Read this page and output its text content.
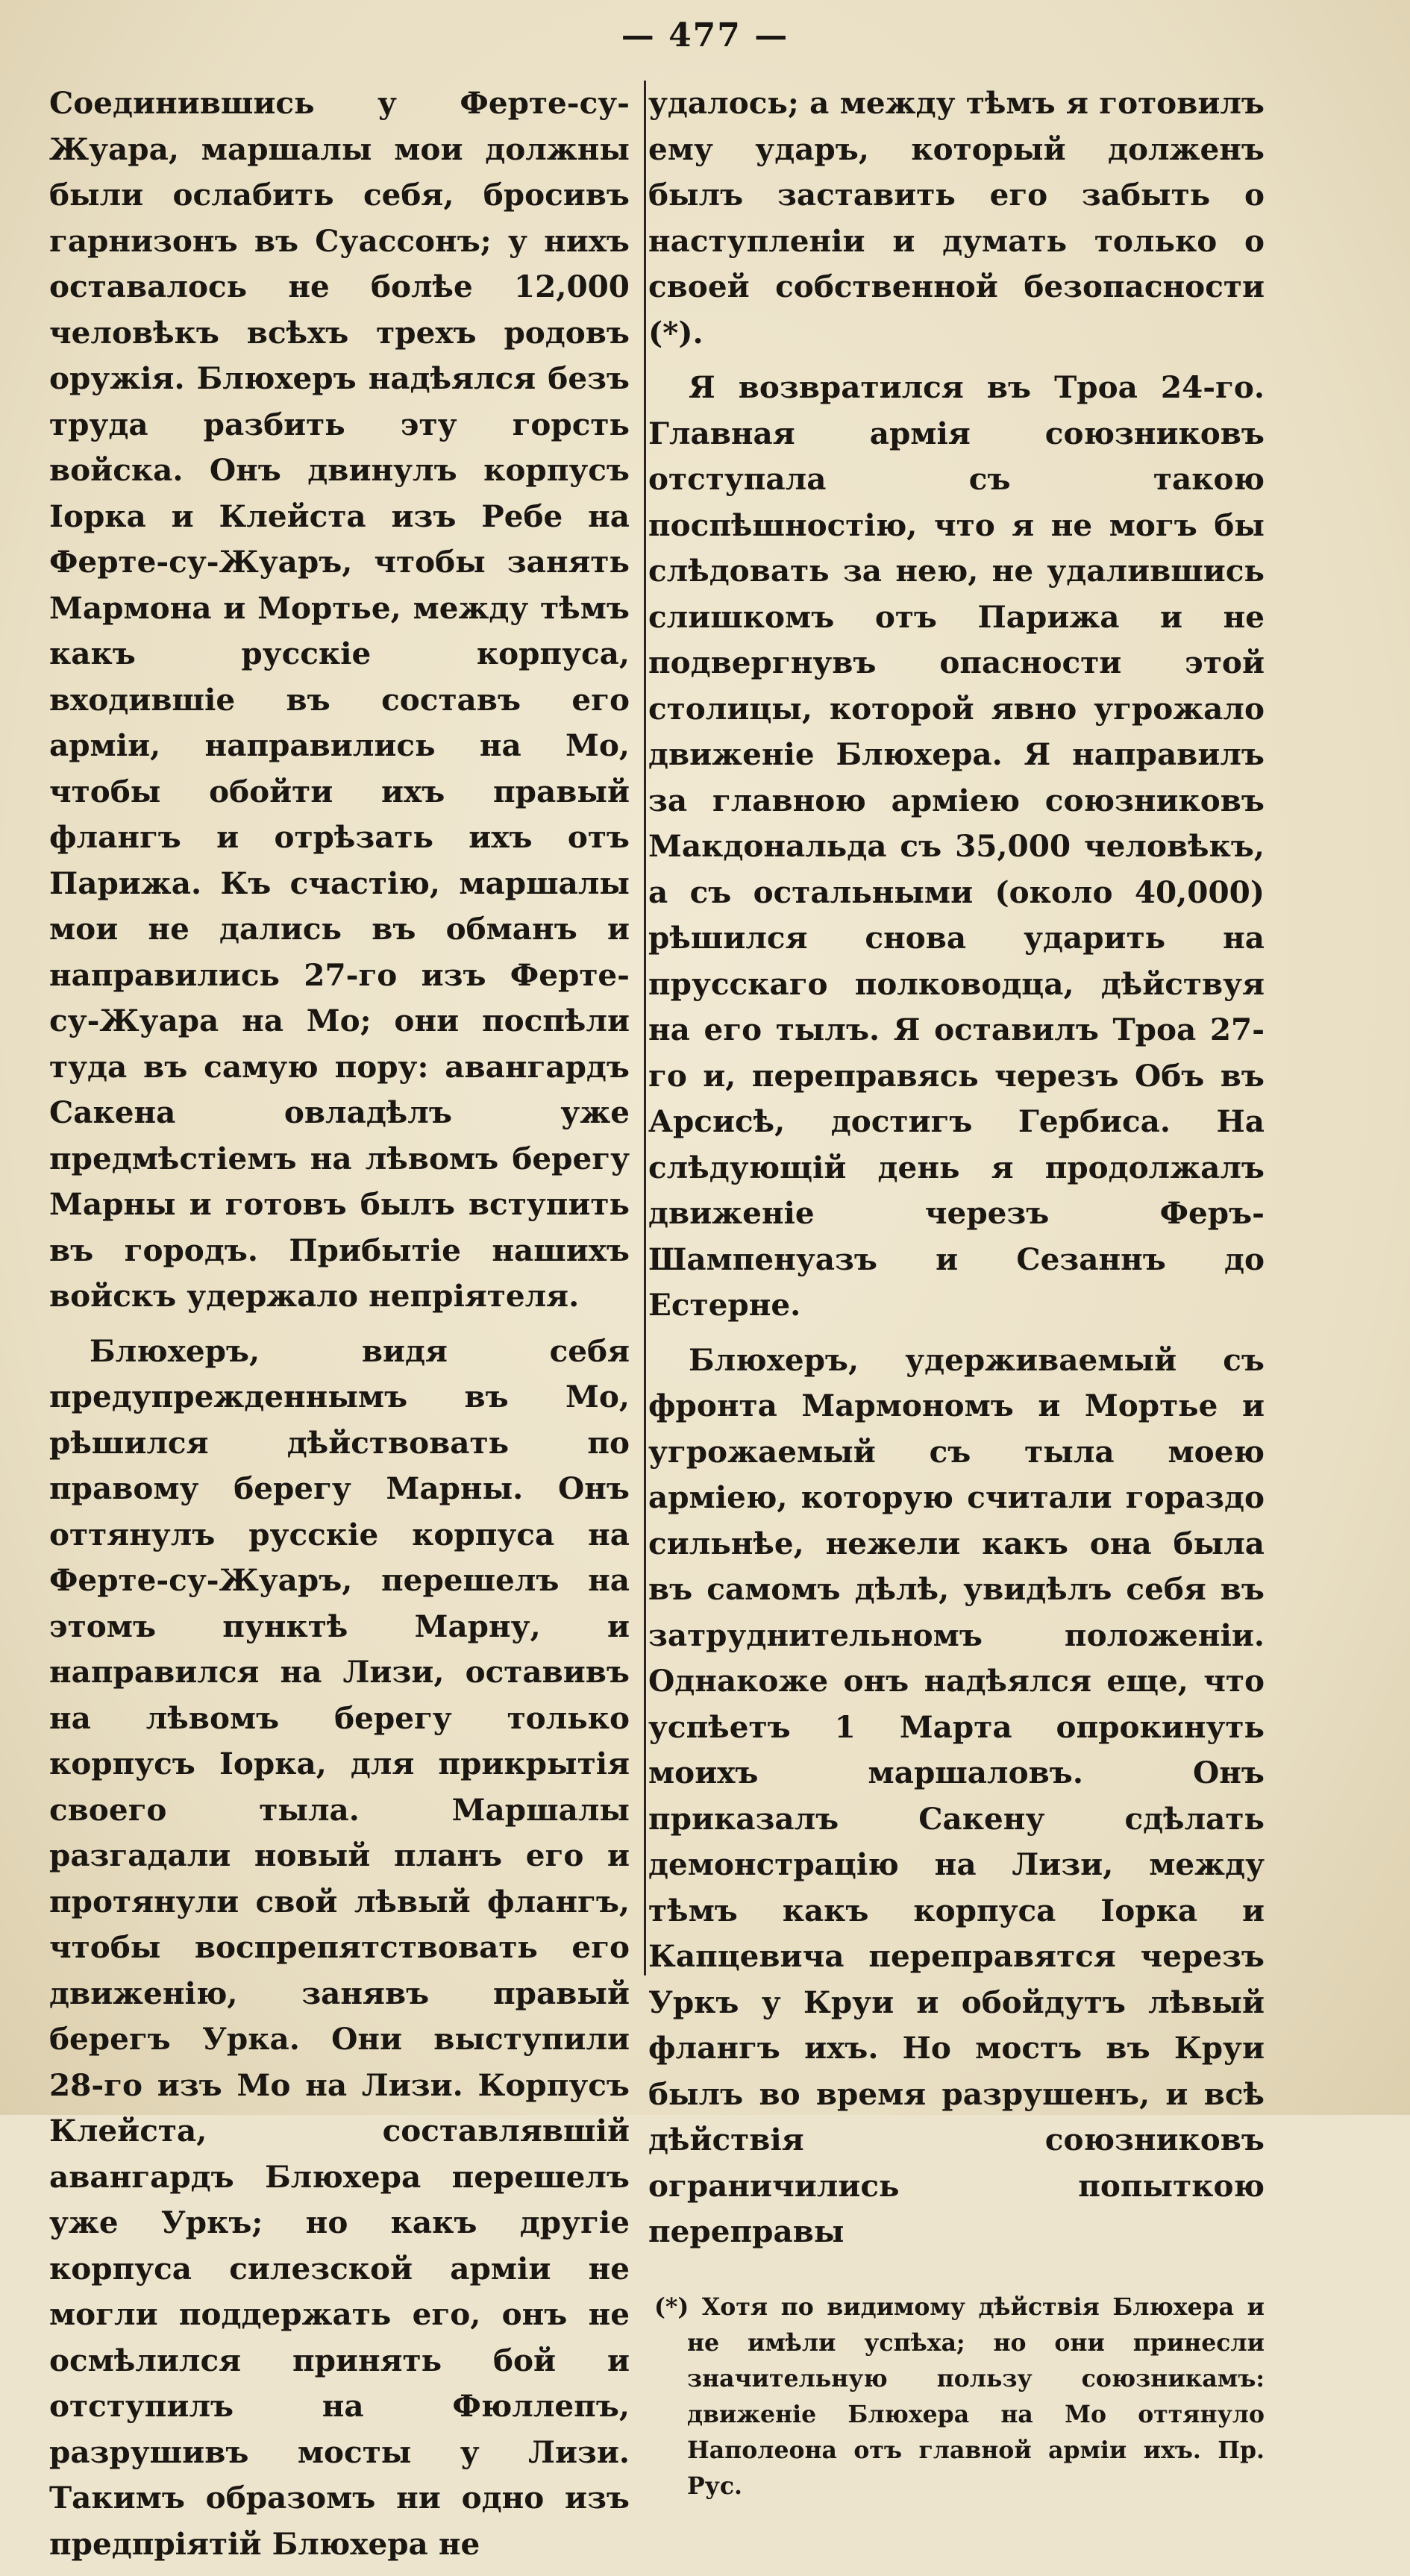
— 477 —

Соединившись у Ферте-су-Жуара, маршалы мои должны были ослабить себя, бросивъ гарнизонъ въ Суассонъ; у нихъ оставалось не болѣе 12,000 человѣкъ всѣхъ трехъ родовъ оружія. Блюхеръ надѣялся безъ труда разбить эту горсть войска. Онъ двинулъ корпусъ Іорка и Клейста изъ Ребе на Ферте-су-Жуаръ, чтобы занять Мармона и Мортье, между тѣмъ какъ русскіе корпуса, входившіе въ составъ его арміи, направились на Мо, чтобы обойти ихъ правый флангъ и отрѣзать ихъ отъ Парижа. Къ счастію, маршалы мои не дались въ обманъ и направились 27-го изъ Ферте-су-Жуара на Мо; они поспѣли туда въ самую пору: авангардъ Сакена овладѣлъ уже предмѣстіемъ на лѣвомъ берегу Марны и готовъ былъ вступить въ городъ. Прибытіе нашихъ войскъ удержало непріятеля.

Блюхеръ, видя себя предупрежденнымъ въ Мо, рѣшился дѣйствовать по правому берегу Марны. Онъ оттянулъ русскіе корпуса на Ферте-су-Жуаръ, перешелъ на этомъ пунктѣ Марну, и направился на Лизи, оставивъ на лѣвомъ берегу только корпусъ Іорка, для прикрытія своего тыла. Маршалы разгадали новый планъ его и протянули свой лѣвый флангъ, чтобы воспрепятствовать его движенію, занявъ правый берегъ Урка. Они выступили 28-го изъ Мо на Лизи. Корпусъ Клейста, составлявшій авангардъ Блюхера перешелъ уже Уркъ; но какъ другіе корпуса силезской арміи не могли поддержать его, онъ не осмѣлился принять бой и отступилъ на Фюллепъ, разрушивъ мосты у Лизи. Такимъ образомъ ни одно изъ предпріятій Блюхера не

удалось; а между тѣмъ я готовилъ ему ударъ, который долженъ былъ заставить его забыть о наступленіи и думать только о своей собственной безопасности (*).

Я возвратился въ Троа 24-го. Главная армія союзниковъ отступала съ такою поспѣшностію, что я не могъ бы слѣдовать за нею, не удалившись слишкомъ отъ Парижа и не подвергнувъ опасности этой столицы, которой явно угрожало движеніе Блюхера. Я направилъ за главною арміею союзниковъ Макдональда съ 35,000 человѣкъ, а съ остальными (около 40,000) рѣшился снова ударить на прусскаго полководца, дѣйствуя на его тылъ. Я оставилъ Троа 27-го и, переправясь черезъ Объ въ Арсисѣ, достигъ Гербиса. На слѣдующій день я продолжалъ движеніе черезъ Феръ-Шампенуазъ и Сезаннъ до Естерне.

Блюхеръ, удерживаемый съ фронта Мармономъ и Мортье и угрожаемый съ тыла моею арміею, которую считали гораздо сильнѣе, нежели какъ она была въ самомъ дѣлѣ, увидѣлъ себя въ затруднительномъ положеніи. Однакоже онъ надѣялся еще, что успѣетъ 1 Марта опрокинуть моихъ маршаловъ. Онъ приказалъ Сакену сдѣлать демонстрацію на Лизи, между тѣмъ какъ корпуса Іорка и Капцевича переправятся черезъ Уркъ у Круи и обойдутъ лѣвый флангъ ихъ. Но мостъ въ Круи былъ во время разрушенъ, и всѣ дѣйствія союзниковъ ограничились попыткою переправы

(*) Хотя по видимому дѣйствія Блюхера и не имѣли успѣха; но они принесли значительную пользу союзникамъ: движеніе Блюхера на Мо оттянуло Наполеона отъ главной арміи ихъ. Пр. Рус.
